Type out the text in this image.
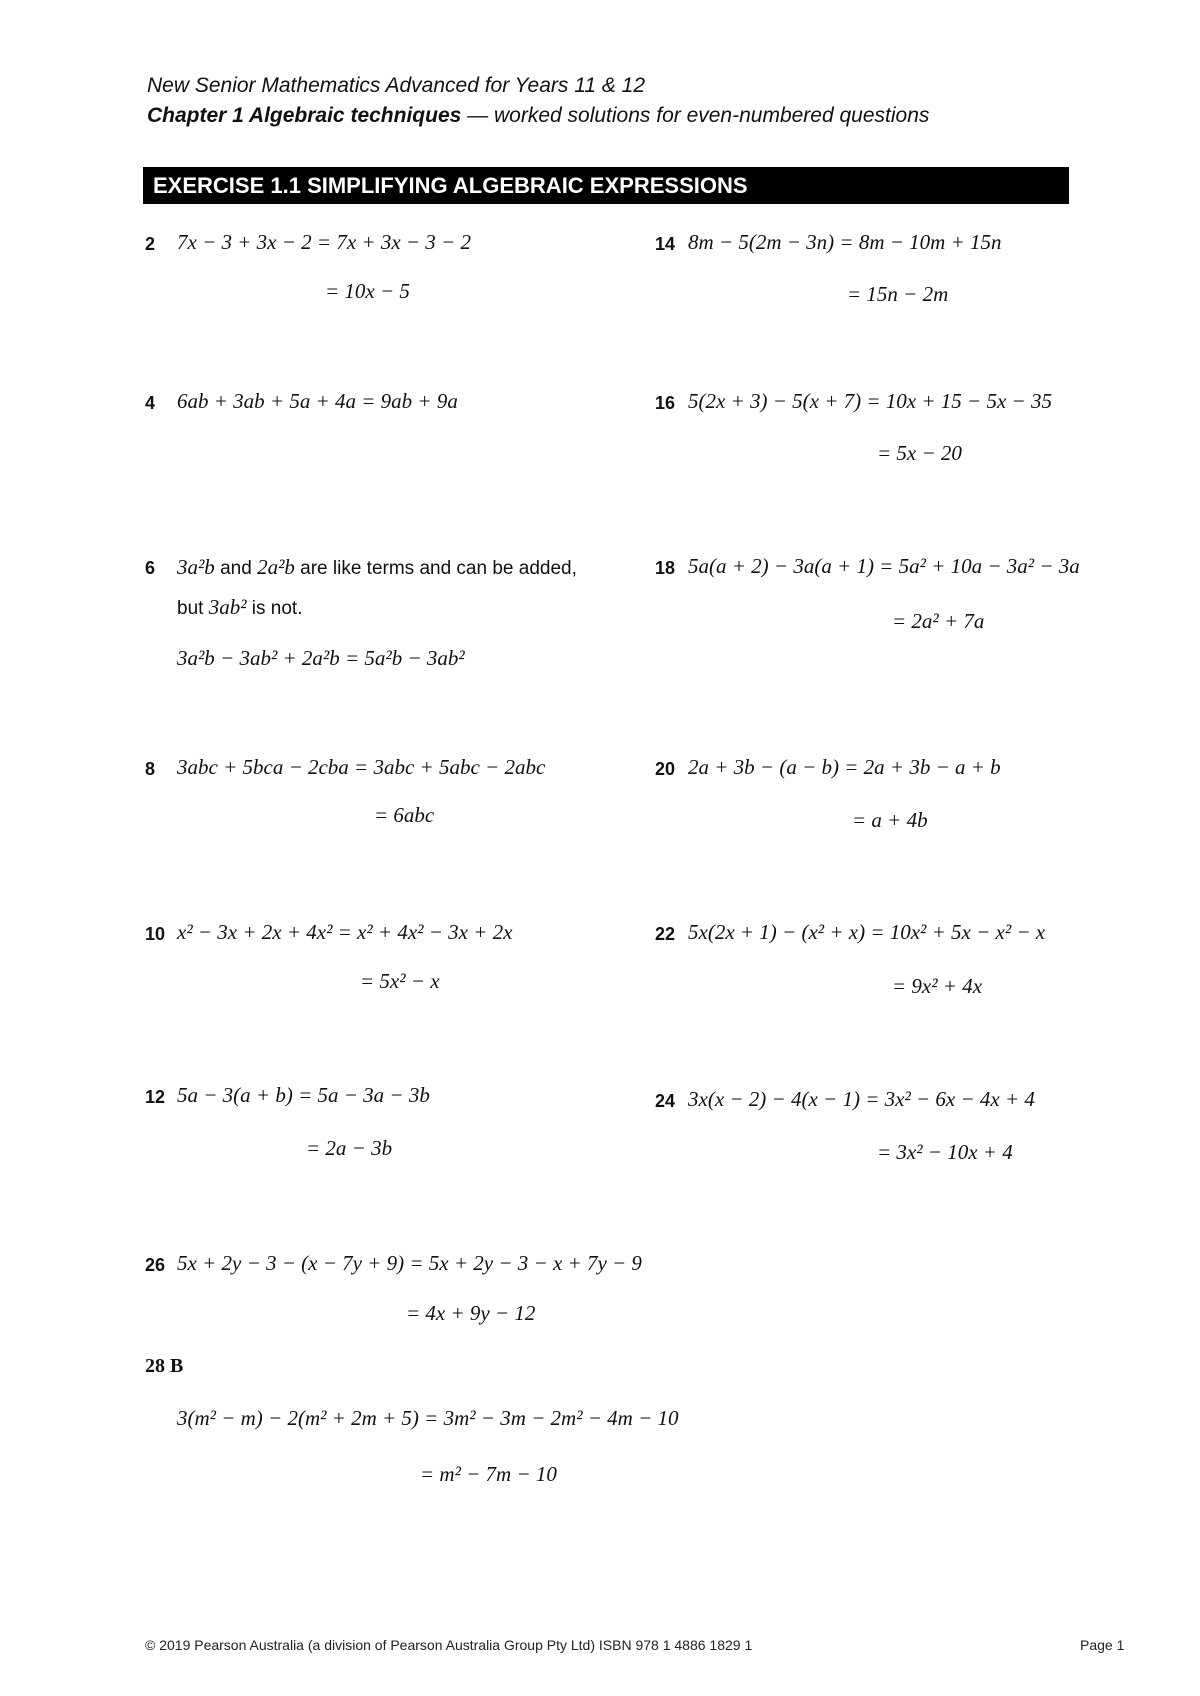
New Senior Mathematics Advanced for Years 11 & 12
Chapter 1 Algebraic techniques — worked solutions for even-numbered questions
EXERCISE 1.1 SIMPLIFYING ALGEBRAIC EXPRESSIONS
2 7x − 3 + 3x − 2 = 7x + 3x − 3 − 2
= 10x − 5
4 6ab + 3ab + 5a + 4a = 9ab + 9a
6 3a²b and 2a²b are like terms and can be added,
but 3ab² is not.
3a²b − 3ab² + 2a²b = 5a²b − 3ab²
8 3abc + 5bca − 2cba = 3abc + 5abc − 2abc
= 6abc
10 x² − 3x + 2x + 4x² = x² + 4x² − 3x + 2x
= 5x² − x
12 5a − 3(a + b) = 5a − 3a − 3b
= 2a − 3b
14 8m − 5(2m − 3n) = 8m − 10m + 15n
= 15n − 2m
16 5(2x + 3) − 5(x + 7) = 10x + 15 − 5x − 35
= 5x − 20
18 5a(a + 2) − 3a(a + 1) = 5a² + 10a − 3a² − 3a
= 2a² + 7a
20 2a + 3b − (a − b) = 2a + 3b − a + b
= a + 4b
22 5x(2x + 1) − (x² + x) = 10x² + 5x − x² − x
= 9x² + 4x
24 3x(x − 2) − 4(x − 1) = 3x² − 6x − 4x + 4
= 3x² − 10x + 4
26 5x + 2y − 3 − (x − 7y + 9) = 5x + 2y − 3 − x + 7y − 9
= 4x + 9y − 12
28 B
3(m² − m) − 2(m² + 2m + 5) = 3m² − 3m − 2m² − 4m − 10
= m² − 7m − 10
© 2019 Pearson Australia (a division of Pearson Australia Group Pty Ltd) ISBN 978 1 4886 1829 1	Page 1
